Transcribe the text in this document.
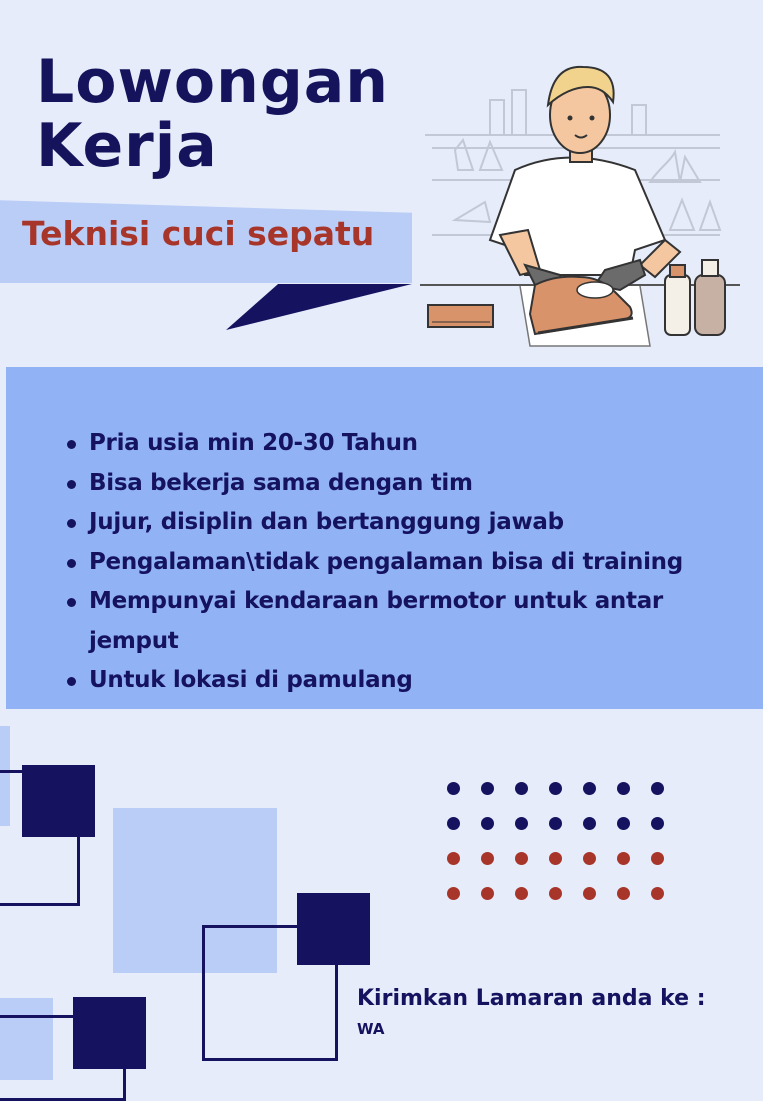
Lowongan
Kerja
Teknisi cuci sepatu
Pria usia min 20-30 Tahun
Bisa bekerja sama dengan tim
Jujur, disiplin dan bertanggung jawab
Pengalaman\tidak pengalaman bisa di training
Mempunyai kendaraan bermotor untuk antar jemput
Untuk lokasi di pamulang
Kirimkan Lamaran anda ke :
WA
